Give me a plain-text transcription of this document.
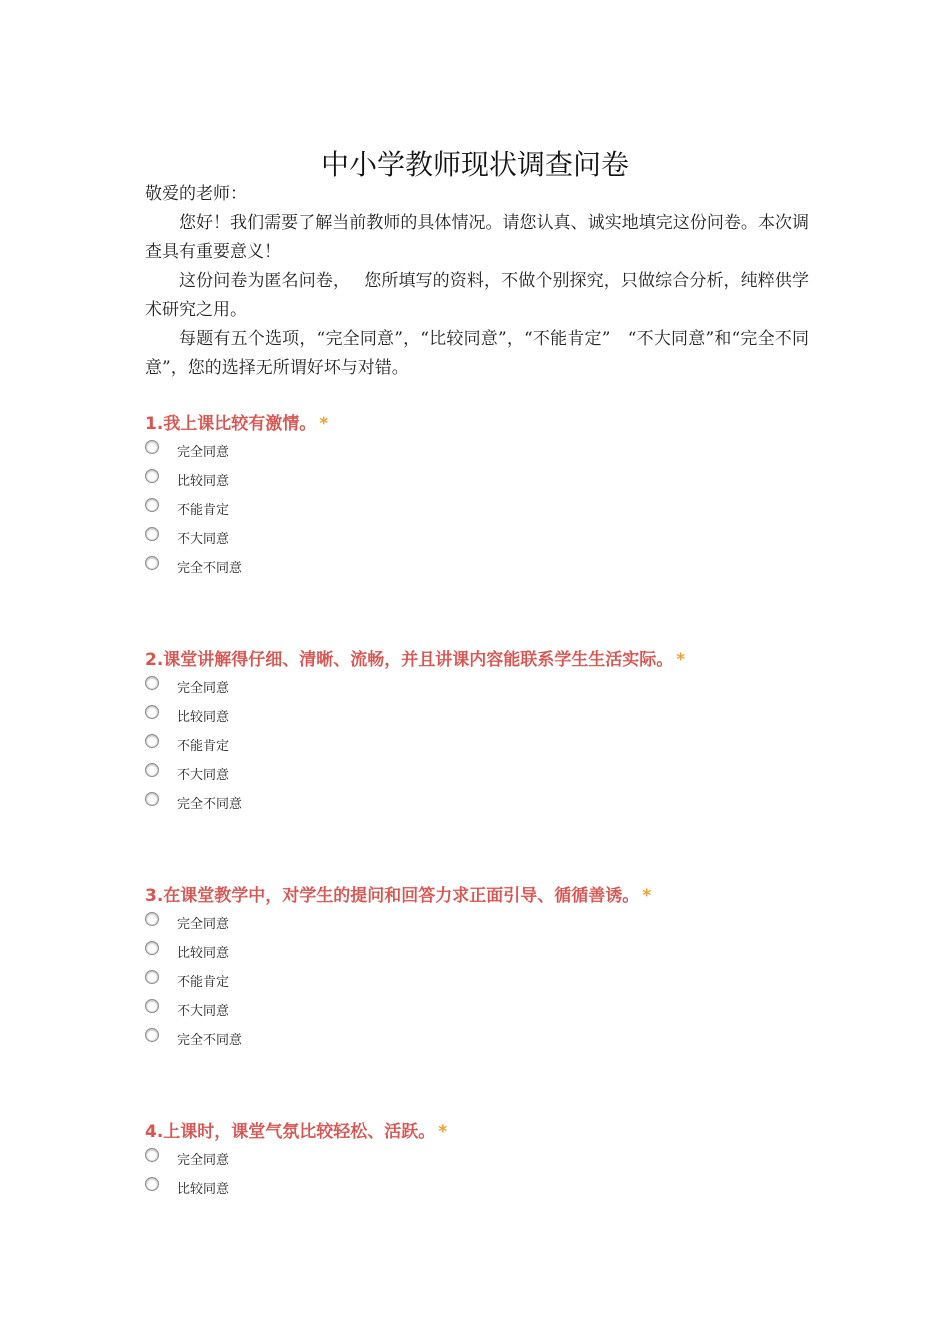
中小学教师现状调查问卷

敬爱的老师：

您好！我们需要了解当前教师的具体情况。请您认真、诚实地填完这份问卷。本次调查具有重要意义！

这份问卷为匿名问卷，　 您所填写的资料，不做个别探究，只做综合分析，纯粹供学术研究之用。

每题有五个选项，“完全同意”，“比较同意”，“不能肯定”　“不大同意”和“完全不同意”，您的选择无所谓好坏与对错。

1.我上课比较有激情。 *

完全同意
比较同意
不能肯定
不大同意
完全不同意

2.课堂讲解得仔细、清晰、流畅，并且讲课内容能联系学生生活实际。 *

完全同意
比较同意
不能肯定
不大同意
完全不同意

3.在课堂教学中，对学生的提问和回答力求正面引导、循循善诱。 *

完全同意
比较同意
不能肯定
不大同意
完全不同意

4.上课时，课堂气氛比较轻松、活跃。 *

完全同意
比较同意
